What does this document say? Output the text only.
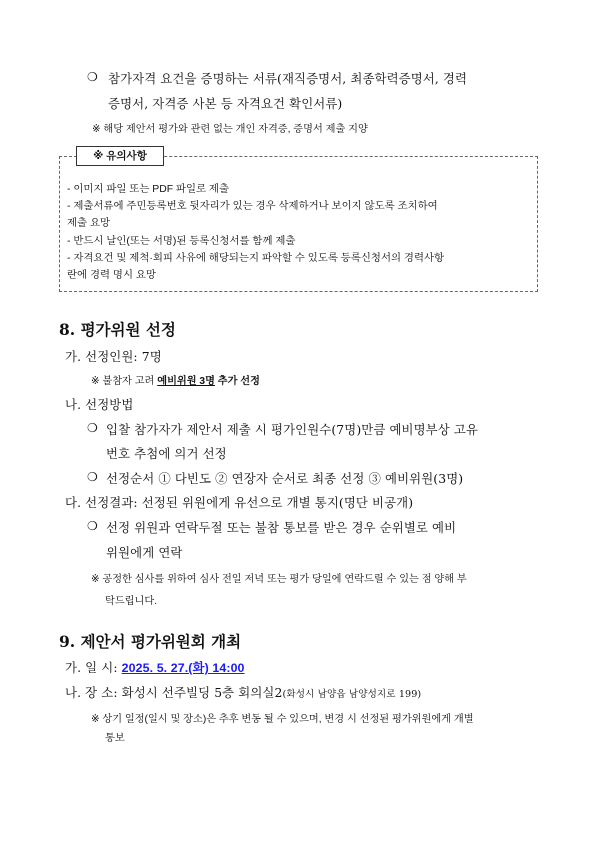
❍ 참가자격 요건을 증명하는 서류(재직증명서, 최종학력증명서, 경력
증명서, 자격증 사본 등 자격요건 확인서류)
※ 해당 제안서 평가와 관련 없는 개인 자격증, 증명서 제출 지양
※ 유의사항
- 이미지 파일 또는 PDF 파일로 제출
- 제출서류에 주민등록번호 뒷자리가 있는 경우 삭제하거나 보이지 않도록 조치하여
제출 요망
- 반드시 날인(또는 서명)된 등록신청서를 함께 제출
- 자격요건 및 제척·회피 사유에 해당되는지 파악할 수 있도록 등록신청서의 경력사항
란에 경력 명시 요망
8. 평가위원 선정
가. 선정인원: 7명
※ 불참자 고려 예비위원 3명 추가 선정
나. 선정방법
❍ 입찰 참가자가 제안서 제출 시 평가인원수(7명)만큼 예비명부상 고유
번호 추첨에 의거 선정
❍ 선정순서 ① 다빈도 ② 연장자 순서로 최종 선정 ③ 예비위원(3명)
다. 선정결과: 선정된 위원에게 유선으로 개별 통지(명단 비공개)
❍ 선정 위원과 연락두절 또는 불참 통보를 받은 경우 순위별로 예비
위원에게 연락
※ 공정한 심사를 위하여 심사 전일 저녁 또는 평가 당일에 연락드릴 수 있는 점 양해 부
탁드립니다.
9. 제안서 평가위원회 개최
가. 일 시: 2025. 5. 27.(화) 14:00
나. 장 소: 화성시 선주빌딩 5층 회의실2(화성시 남양읍 남양성지로 199)
※ 상기 일정(일시 및 장소)은 추후 변동 될 수 있으며, 변경 시 선정된 평가위원에게 개별
통보
